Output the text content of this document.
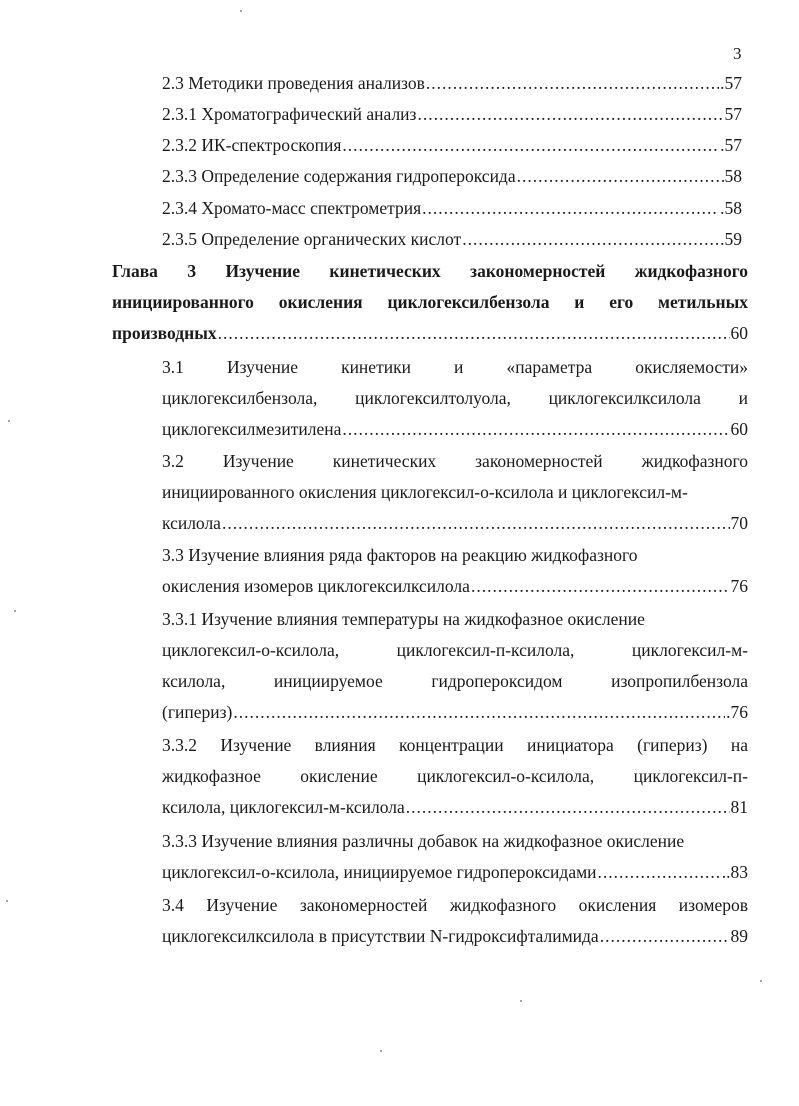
3
2.3 Методики проведения анализов .....	.57
2.3.1 Хроматографический анализ .....	57
2.3.2 ИК-спектроскопия .....	.57
2.3.3 Определение содержания гидропероксида .....	58
2.3.4 Хромато-масс спектрометрия .....	.58
2.3.5 Определение органических кислот .....	.59
Глава 3 Изучение кинетических закономерностей жидкофазного
инициированного окисления циклогексилбензола и его метильных
производных .....	60
3.1 Изучение кинетики и «параметра окисляемости»
циклогексилбензола, циклогексилтолуола, циклогексилксилола и
циклогексилмезитилена .....	60
3.2 Изучение кинетических закономерностей жидкофазного
инициированного окисления циклогексил-о-ксилола и циклогексил-м-
ксилола .....	70
3.3 Изучение влияния ряда факторов на реакцию жидкофазного
окисления изомеров циклогексилксилола .....	76
3.3.1 Изучение влияния температуры на жидкофазное окисление
циклогексил-о-ксилола,	циклогексил-п-ксилола,	циклогексил-м-
ксилола,	инициируемое	гидропероксидом	изопропилбензола
(гипериз) .....	.76
3.3.2 Изучение влияния концентрации инициатора (гипериз) на
жидкофазное окисление циклогексил-о-ксилола, циклогексил-п-
ксилола, циклогексил-м-ксилола .....	81
3.3.3 Изучение влияния различны добавок на жидкофазное окисление
циклогексил-о-ксилола, инициируемое гидропероксидами .....	..83
3.4 Изучение закономерностей жидкофазного окисления изомеров
циклогексилксилола в присутствии N-гидроксифталимида .....	89
